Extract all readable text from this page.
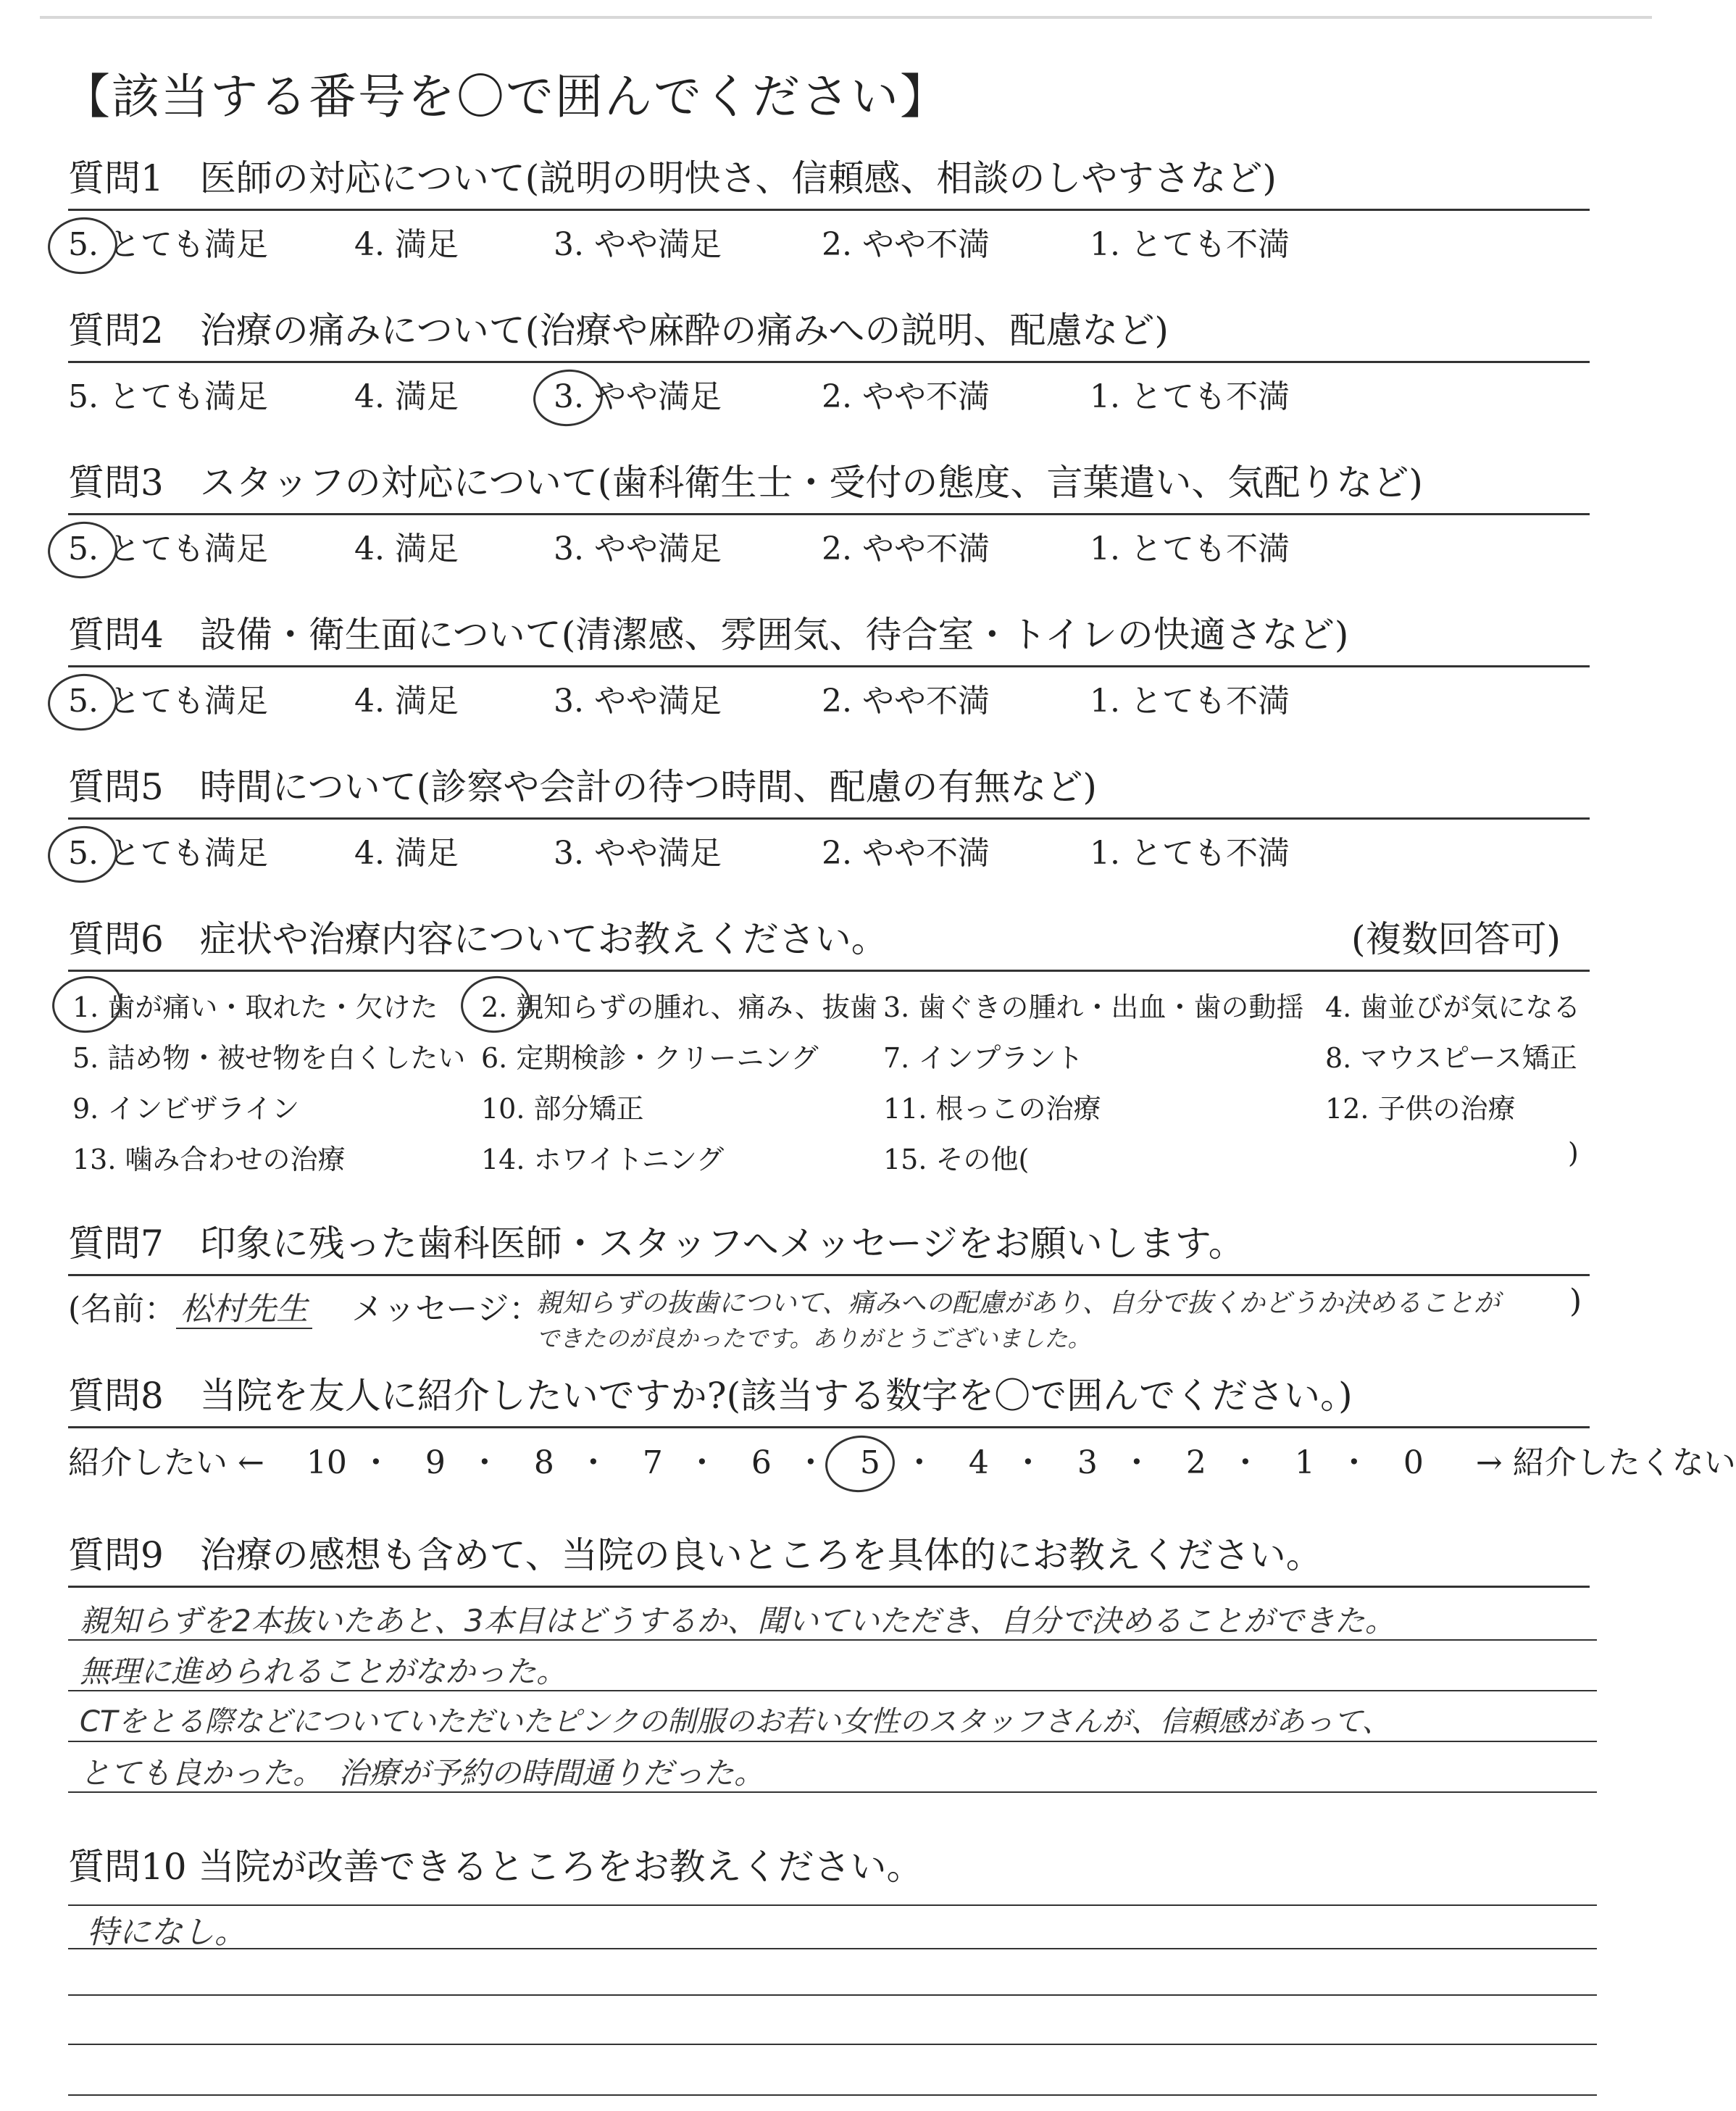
【該当する番号を〇で囲んでください】
質問1　医師の対応について(説明の明快さ、信頼感、相談のしやすさなど)
5. とても満足	4. 満足	3. やや満足	2. やや不満	1. とても不満
質問2　治療の痛みについて(治療や麻酔の痛みへの説明、配慮など)
5. とても満足	4. 満足	3. やや満足	2. やや不満	1. とても不満
質問3　スタッフの対応について(歯科衛生士・受付の態度、言葉遣い、気配りなど)
5. とても満足	4. 満足	3. やや満足	2. やや不満	1. とても不満
質問4　設備・衛生面について(清潔感、雰囲気、待合室・トイレの快適さなど)
5. とても満足	4. 満足	3. やや満足	2. やや不満	1. とても不満
質問5　時間について(診察や会計の待つ時間、配慮の有無など)
5. とても満足	4. 満足	3. やや満足	2. やや不満	1. とても不満
質問6　症状や治療内容についてお教えください。	(複数回答可)
1. 歯が痛い・取れた・欠けた 2. 親知らずの腫れ、痛み、抜歯 3. 歯ぐきの腫れ・出血・歯の動揺 4. 歯並びが気になる
5. 詰め物・被せ物を白くしたい 6. 定期検診・クリーニング 7. インプラント	8. マウスピース矯正
9. インビザライン	10. 部分矯正	11. 根っこの治療	12. 子供の治療
13. 噛み合わせの治療	14. ホワイトニング	15. その他(	)
質問7　印象に残った歯科医師・スタッフへメッセージをお願いします。
(名前： 松村先生 メッセージ：
親知らずの抜歯について、痛みへの配慮があり、自分で抜くかどうか決めることが
できたのが良かったです。ありがとうございました。
)
質問8　当院を友人に紹介したいですか?(該当する数字を〇で囲んでください。)
紹介したい ← 10 ・ 9 ・ 8 ・ 7 ・ 6 ・ 5 ・ 4 ・ 3 ・ 2 ・ 1 ・ 0 → 紹介したくない
質問9　治療の感想も含めて、当院の良いところを具体的にお教えください。
親知らずを2本抜いたあと、3本目はどうするか、聞いていただき、自分で決めることができた。
無理に進められることがなかった。
CTをとる際などについていただいたピンクの制服のお若い女性のスタッフさんが、信頼感があって、
とても良かった。　治療が予約の時間通りだった。
質問10 当院が改善できるところをお教えください。
特になし。
